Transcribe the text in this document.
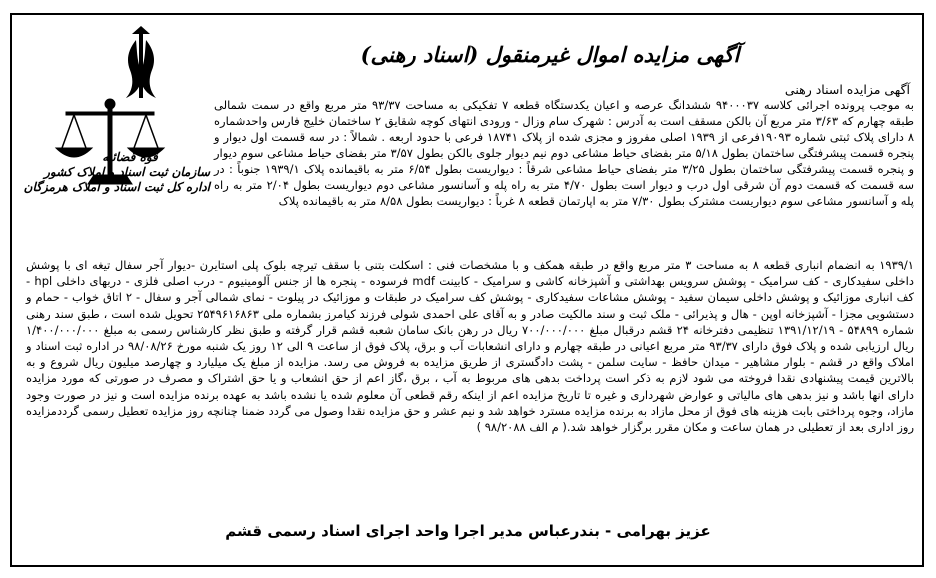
آگهی مزایده اموال غیرمنقول (اسناد رهنی)
قوه قضائیه
سازمان ثبت اسناد و املاک کشور
اداره کل ثبت اسناد و املاک هرمزگان
آگهی مزایده اسناد رهنی
به موجب پرونده اجرائی کلاسه ۹۴۰۰۰۳۷ ششدانگ عرصه و اعیان یکدستگاه قطعه ۷ تفکیکی به مساحت ۹۳/۳۷ متر مربع واقع در سمت شمالی طبقه چهارم که ۳/۶۳ متر مربع آن بالکن مسقف است به آدرس : شهرک سام وزال - ورودی انتهای کوچه شقایق ۲ ساختمان خلیج فارس واحدشماره ۸ دارای پلاک ثبتی شماره ۱۹۰۹۳فرعی از ۱۹۳۹ اصلی مفروز و مجزی شده از پلاک ۱۸۷۴۱ فرعی با حدود اربعه . شمالاً : در سه قسمت اول دیوار و پنجره قسمت پیشرفتگی ساختمان بطول ۵/۱۸ متر بفضای حیاط مشاعی دوم نیم دیوار جلوی بالکن بطول ۳/۵۷ متر بفضای حیاط مشاعی سوم دیوار و پنجره قسمت پیشرفتگی ساختمان بطول ۳/۲۵ متر بفضای حیاط مشاعی شرقاً : دیواریست بطول ۶/۵۴ متر به باقیمانده پلاک ۱۹۳۹/۱ جنوباً : در سه قسمت که قسمت دوم آن شرقی اول درب و دیوار است بطول ۴/۷۰ متر به راه پله و آسانسور مشاعی دوم دیواریست بطول ۲/۰۴ متر به راه پله و آسانسور مشاعی سوم دیواریست مشترک بطول ۷/۳۰ متر به اپارتمان قطعه ۸ غرباً : دیواریست بطول ۸/۵۸ متر به باقیمانده پلاک
۱۹۳۹/۱ به انضمام انباری قطعه ۸ به مساحت ۳ متر مربع واقع در طبقه همکف و با مشخصات فنی : اسکلت بتنی با سقف تیرچه بلوک پلی استایرن -دیوار آجر سفال تیغه ای با پوشش داخلی سفیدکاری - کف سرامیک - پوشش سرویس بهداشتی و آشپزخانه کاشی و سرامیک - کابینت mdf فرسوده - پنجره ها از جنس آلومینیوم - درب اصلی فلزی - دربهای داخلی hpl - کف انباری موزائیک و پوشش داخلی سیمان سفید - پوشش مشاعات سفیدکاری - پوشش کف سرامیک در طبقات و موزائیک در پیلوت - نمای شمالی آجر و سفال - ۲ اتاق خواب - حمام و دستشویی مجزا - آشپزخانه اوپن - هال و پذیرائی - ملک ثبت و سند مالکیت صادر و به آقای علی احمدی شولی فرزند کیامرز بشماره ملی ۲۵۴۹۶۱۶۸۶۳ تحویل شده است ، طبق سند رهنی شماره ۵۴۸۹۹ - ۱۳۹۱/۱۲/۱۹ تنظیمی دفترخانه ۲۴ قشم درقبال مبلغ ۷۰۰/۰۰۰/۰۰۰ ریال در رهن بانک سامان شعبه قشم قرار گرفته و طبق نظر کارشناس رسمی به مبلغ ۱/۴۰۰/۰۰۰/۰۰۰ ریال ارزیابی شده و پلاک فوق دارای ۹۳/۳۷ متر مربع اعیانی در طبقه چهارم و دارای انشعابات آب و برق، پلاک فوق از ساعت ۹ الی ۱۲ روز یک شنبه مورخ ۹۸/۰۸/۲۶ در اداره ثبت اسناد و املاک واقع در قشم - بلوار مشاهیر - میدان حافظ - سایت سلمن - پشت دادگستری از طریق مزایده به فروش می رسد. مزایده از مبلغ یک میلیارد و چهارصد میلیون ریال شروع و به بالاترین قیمت پیشنهادی نقدا فروخته می شود لازم به ذکر است پرداخت بدهی های مربوط به آب ، برق ،گاز اعم از حق انشعاب و یا حق اشتراک و مصرف در صورتی که مورد مزایده دارای انها باشد و نیز بدهی های مالیاتی و عوارض شهرداری و غیره تا تاریخ مزایده اعم از اینکه رقم قطعی آن معلوم شده یا نشده باشد به عهده برنده مزایده است و نیز در صورت وجود مازاد، وجوه پرداختی بابت هزینه های فوق از محل مازاد به برنده مزایده مسترد خواهد شد و نیم عشر و حق مزایده نقدا وصول می گردد ضمنا چنانچه روز مزایده تعطیل رسمی گرددمزایده روز اداری بعد از تعطیلی در همان ساعت و مکان مقرر برگزار خواهد شد.( م الف ۹۸/۲۰۸۸ )
عزیز بهرامی - بندرعباس مدیر اجرا واحد اجرای اسناد رسمی قشم
